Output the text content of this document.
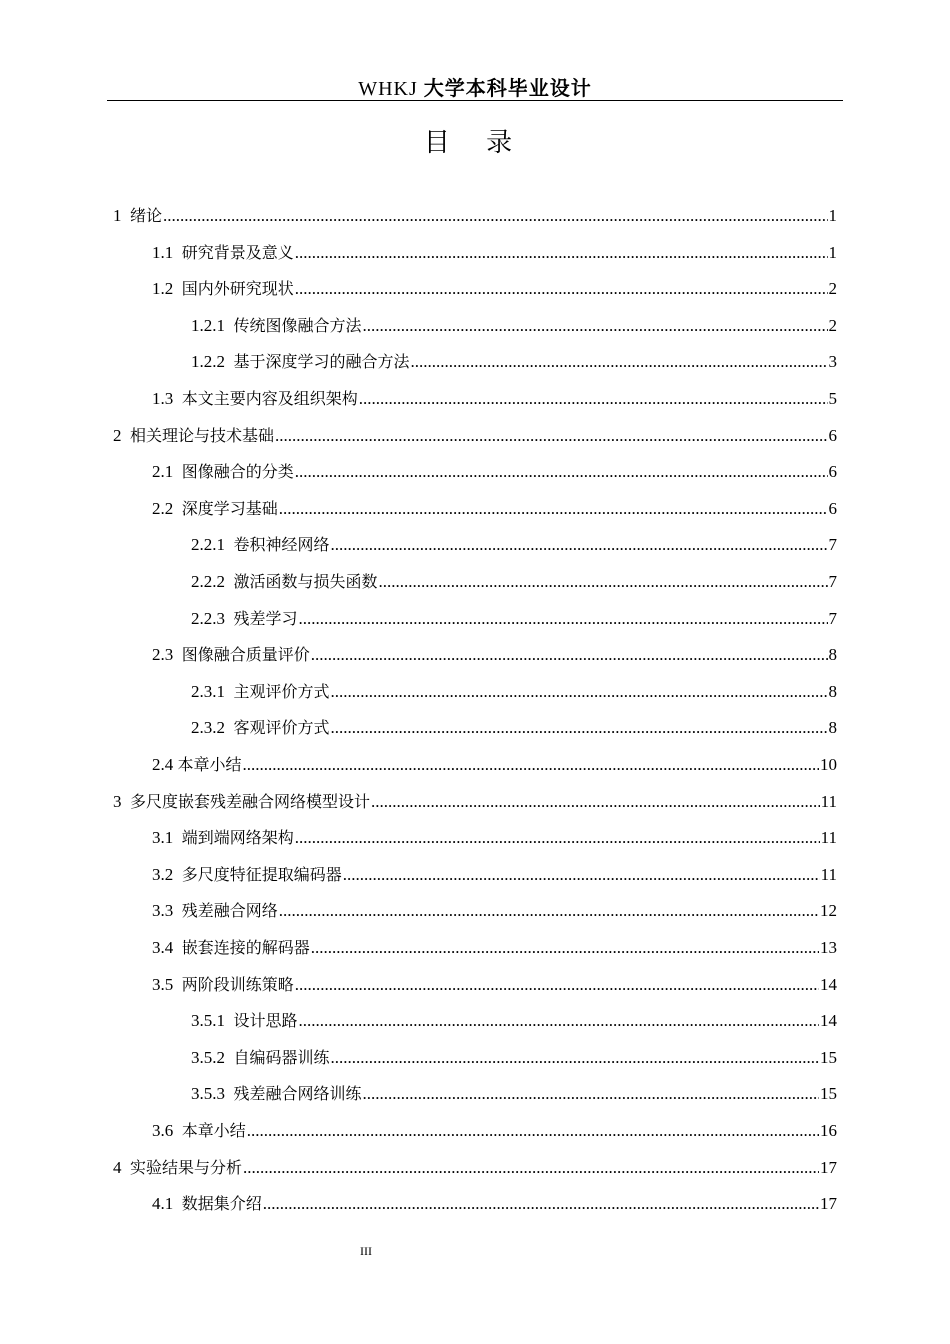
WHKJ 大学本科毕业设计
目 录
1 绪论 .....	1
1.1 研究背景及意义 .....	1
1.2 国内外研究现状 .....	2
1.2.1 传统图像融合方法 .....	2
1.2.2 基于深度学习的融合方法 .....	3
1.3 本文主要内容及组织架构 .....	5
2 相关理论与技术基础 .....	6
2.1 图像融合的分类 .....	6
2.2 深度学习基础 .....	6
2.2.1 卷积神经网络 .....	7
2.2.2 激活函数与损失函数 .....	7
2.2.3 残差学习 .....	7
2.3 图像融合质量评价 .....	8
2.3.1 主观评价方式 .....	8
2.3.2 客观评价方式 .....	8
2.4 本章小结 .....	10
3 多尺度嵌套残差融合网络模型设计 .....	11
3.1 端到端网络架构 .....	11
3.2 多尺度特征提取编码器 .....	11
3.3 残差融合网络 .....	12
3.4 嵌套连接的解码器 .....	13
3.5 两阶段训练策略 .....	14
3.5.1 设计思路 .....	14
3.5.2 自编码器训练 .....	15
3.5.3 残差融合网络训练 .....	15
3.6 本章小结 .....	16
4 实验结果与分析 .....	17
4.1 数据集介绍 .....	17
III
